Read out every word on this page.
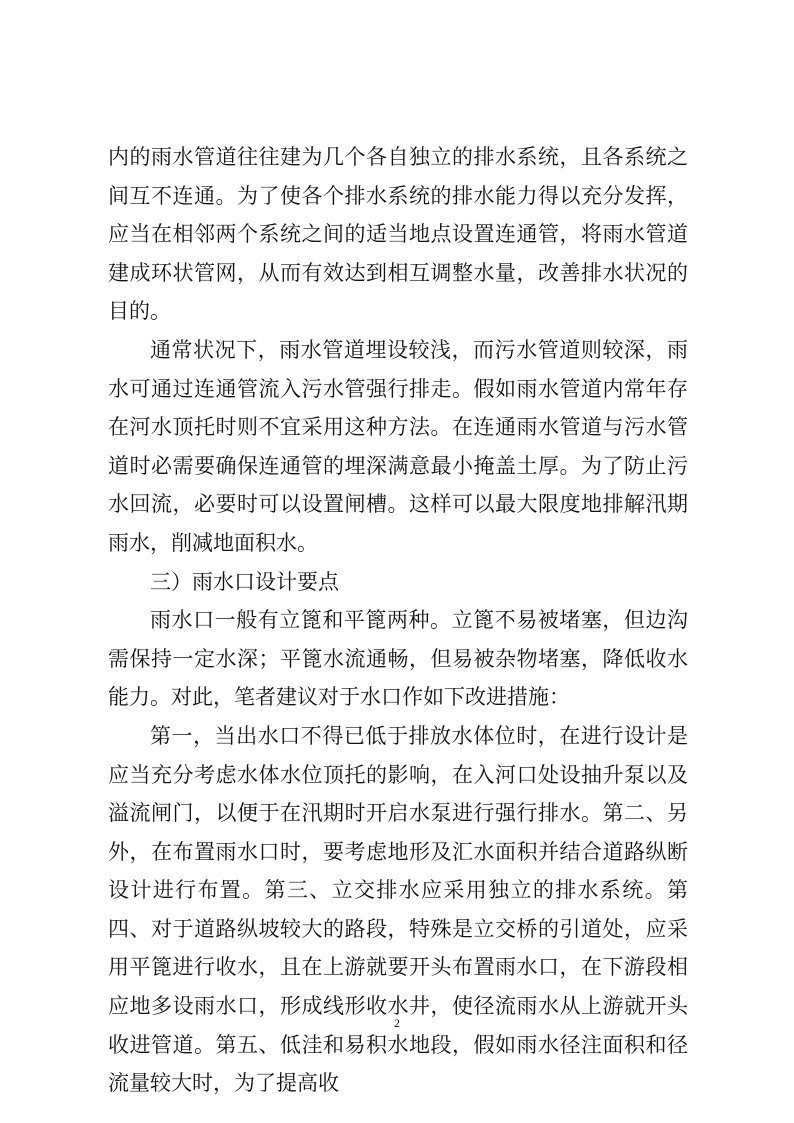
内的雨水管道往往建为几个各自独立的排水系统，且各系统之间互不连通。为了使各个排水系统的排水能力得以充分发挥，应当在相邻两个系统之间的适当地点设置连通管，将雨水管道建成环状管网，从而有效达到相互调整水量，改善排水状况的目的。

通常状况下，雨水管道埋设较浅，而污水管道则较深，雨水可通过连通管流入污水管强行排走。假如雨水管道内常年存在河水顶托时则不宜采用这种方法。在连通雨水管道与污水管道时必需要确保连通管的埋深满意最小掩盖土厚。为了防止污水回流，必要时可以设置闸槽。这样可以最大限度地排解汛期雨水，削减地面积水。

三）雨水口设计要点

雨水口一般有立篦和平篦两种。立篦不易被堵塞，但边沟需保持一定水深；平篦水流通畅，但易被杂物堵塞，降低收水能力。对此，笔者建议对于水口作如下改进措施：

第一，当出水口不得已低于排放水体位时，在进行设计是应当充分考虑水体水位顶托的影响，在入河口处设抽升泵以及溢流闸门，以便于在汛期时开启水泵进行强行排水。第二、另外，在布置雨水口时，要考虑地形及汇水面积并结合道路纵断设计进行布置。第三、立交排水应采用独立的排水系统。第四、对于道路纵坡较大的路段，特殊是立交桥的引道处，应采用平篦进行收水，且在上游就要开头布置雨水口，在下游段相应地多设雨水口，形成线形收水井，使径流雨水从上游就开头收进管道。第五、低洼和易积水地段，假如雨水径注面积和径流量较大时，为了提高收

2
